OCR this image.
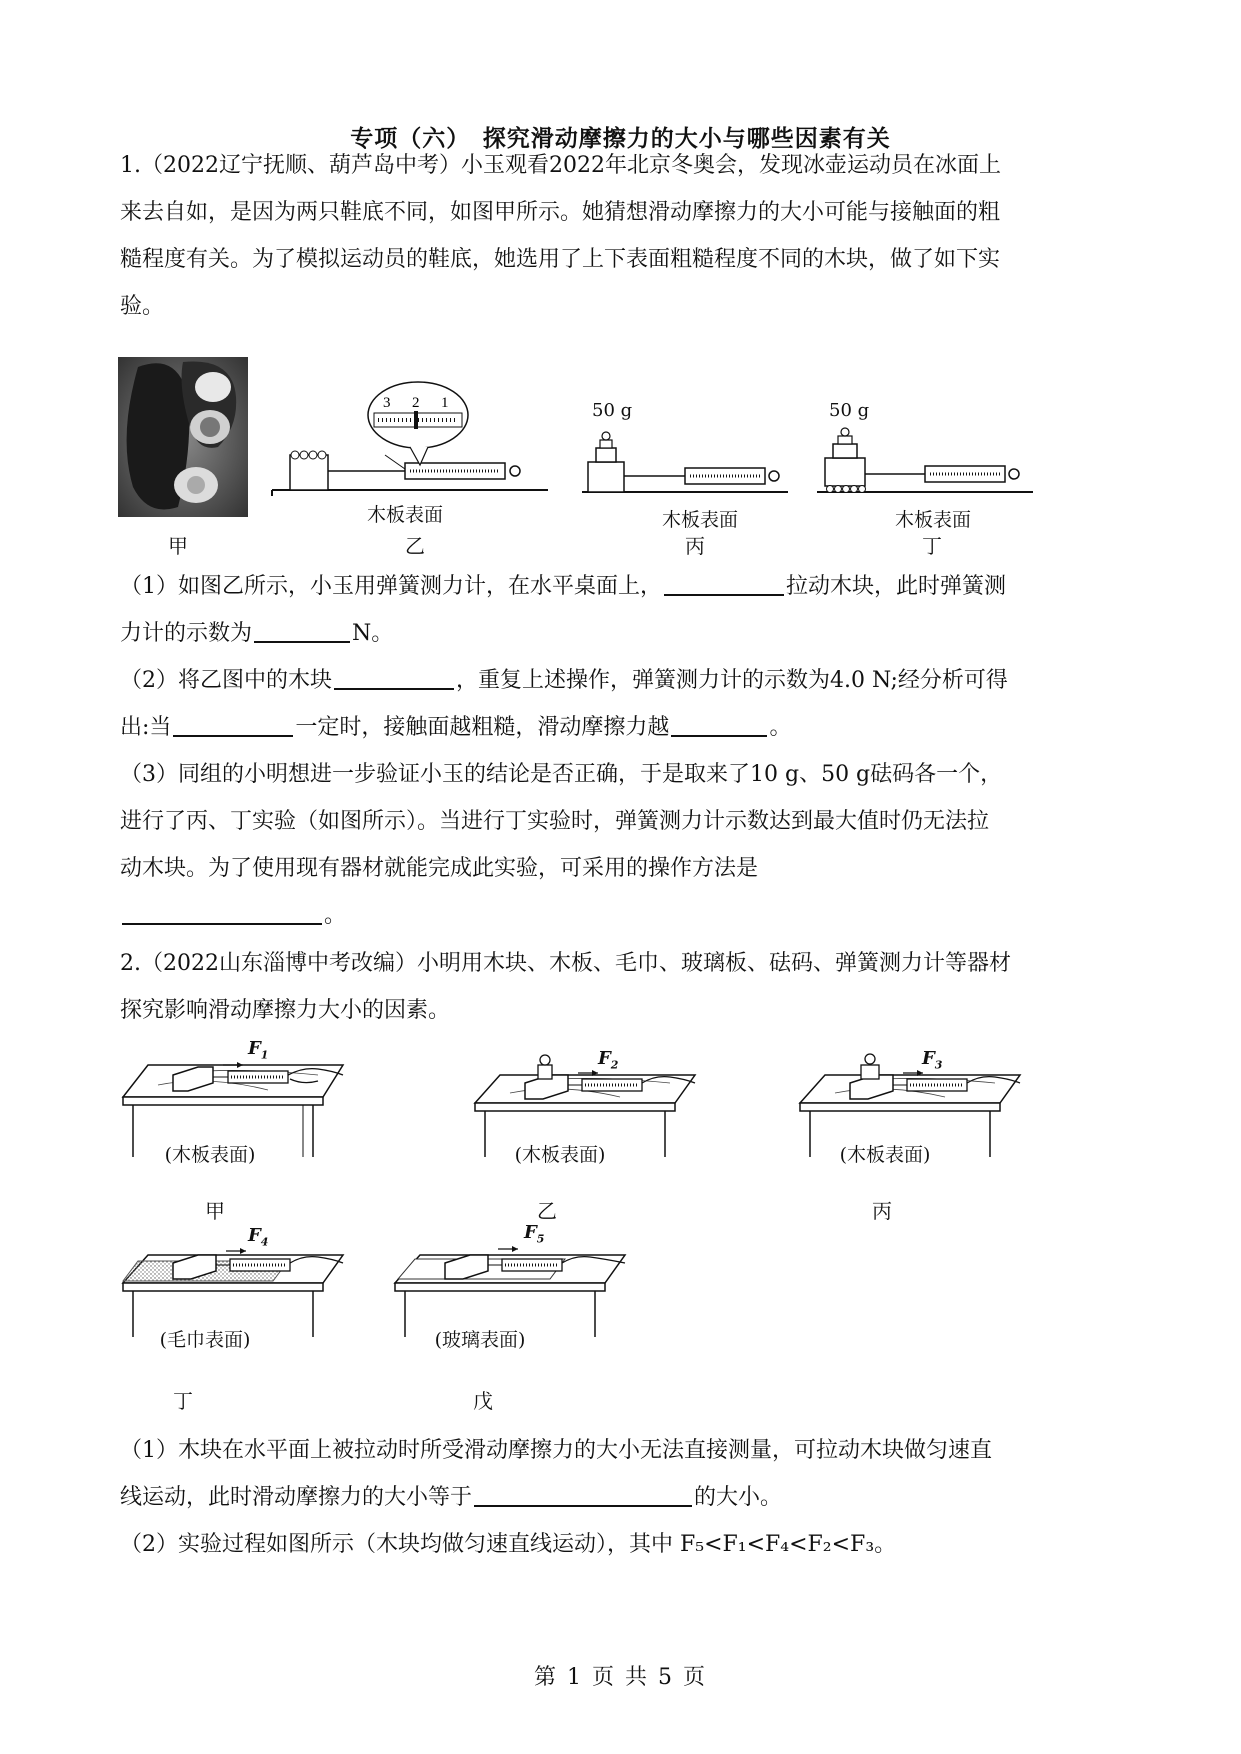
专项（六）　探究滑动摩擦力的大小与哪些因素有关
1.（2022辽宁抚顺、葫芦岛中考）小玉观看2022年北京冬奥会，发现冰壶运动员在冰面上
来去自如，是因为两只鞋底不同，如图甲所示。她猜想滑动摩擦力的大小可能与接触面的粗
糙程度有关。为了模拟运动员的鞋底，她选用了上下表面粗糙程度不同的木块，做了如下实
验。
甲
3 2 1
木板表面
乙
50 g
木板表面
丙
50 g
木板表面
丁
（1）如图乙所示，小玉用弹簧测力计，在水平桌面上，	拉动木块，此时弹簧测
力计的示数为	N。
（2）将乙图中的木块	，重复上述操作，弹簧测力计的示数为4.0 N;经分析可得
出:当	一定时，接触面越粗糙，滑动摩擦力越	。
（3）同组的小明想进一步验证小玉的结论是否正确，于是取来了10 g、50 g砝码各一个，
进行了丙、丁实验（如图所示）。当进行丁实验时，弹簧测力计示数达到最大值时仍无法拉
动木块。为了使用现有器材就能完成此实验，可采用的操作方法是
。
2.（2022山东淄博中考改编）小明用木块、木板、毛巾、玻璃板、砝码、弹簧测力计等器材
探究影响滑动摩擦力大小的因素。
$F_1$
(木板表面)
甲
$F_2$
(木板表面)
乙
$F_3$
(木板表面)
丙
$F_4$
(毛巾表面)
丁
$F_5$
(玻璃表面)
戊
（1）木块在水平面上被拉动时所受滑动摩擦力的大小无法直接测量，可拉动木块做匀速直
线运动，此时滑动摩擦力的大小等于	的大小。
（2）实验过程如图所示（木块均做匀速直线运动），其中 F₅<F₁<F₄<F₂<F₃。
第 1 页 共 5 页
